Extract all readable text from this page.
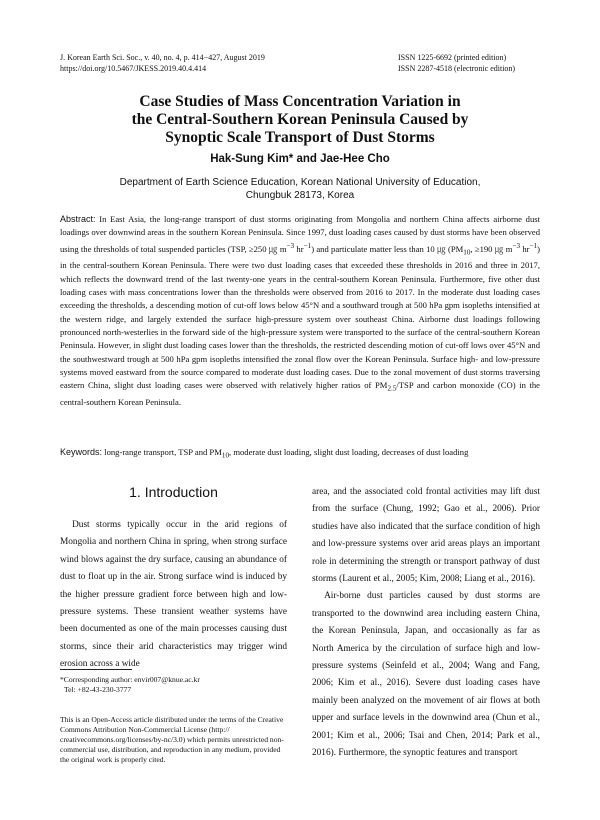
J. Korean Earth Sci. Soc., v. 40, no. 4, p. 414−427, August 2019
https://doi.org/10.5467/JKESS.2019.40.4.414
ISSN 1225-6692 (printed edition)
ISSN 2287-4518 (electronic edition)
Case Studies of Mass Concentration Variation in
the Central-Southern Korean Peninsula Caused by
Synoptic Scale Transport of Dust Storms
Hak-Sung Kim* and Jae-Hee Cho
Department of Earth Science Education, Korean National University of Education,
Chungbuk 28173, Korea
Abstract: In East Asia, the long-range transport of dust storms originating from Mongolia and northern China affects airborne dust loadings over downwind areas in the southern Korean Peninsula. Since 1997, dust loading cases caused by dust storms have been observed using the thresholds of total suspended particles (TSP, ≥250 ㎍ $m^{-3}$ $hr^{-1}$) and particulate matter less than 10 ㎍ ($PM_{10}$, ≥190 ㎍ $m^{-3}$ $hr^{-1}$) in the central-southern Korean Peninsula. There were two dust loading cases that exceeded these thresholds in 2016 and three in 2017, which reflects the downward trend of the last twenty-one years in the central-southern Korean Peninsula. Furthermore, five other dust loading cases with mass concentrations lower than the thresholds were observed from 2016 to 2017. In the moderate dust loading cases exceeding the thresholds, a descending motion of cut-off lows below 45°N and a southward trough at 500 hPa gpm isopleths intensified at the western ridge, and largely extended the surface high-pressure system over southeast China. Airborne dust loadings following pronounced north-westerlies in the forward side of the high-pressure system were transported to the surface of the central-southern Korean Peninsula. However, in slight dust loading cases lower than the thresholds, the restricted descending motion of cut-off lows over 45°N and the southwestward trough at 500 hPa gpm isopleths intensified the zonal flow over the Korean Peninsula. Surface high- and low-pressure systems moved eastward from the source compared to moderate dust loading cases. Due to the zonal movement of dust storms traversing eastern China, slight dust loading cases were observed with relatively higher ratios of $PM_{2.5}$/TSP and carbon monoxide (CO) in the central-southern Korean Peninsula.
Keywords: long-range transport, TSP and $PM_{10}$, moderate dust loading, slight dust loading, decreases of dust loading
1. Introduction

Dust storms typically occur in the arid regions of Mongolia and northern China in spring, when strong surface wind blows against the dry surface, causing an abundance of dust to float up in the air. Strong surface wind is induced by the higher pressure gradient force between high and low-pressure systems. These transient weather systems have been documented as one of the main processes causing dust storms, since their arid characteristics may trigger wind erosion across a wide

area, and the associated cold frontal activities may lift dust from the surface (Chung, 1992; Gao et al., 2006). Prior studies have also indicated that the surface condition of high and low-pressure systems over arid areas plays an important role in determining the strength or transport pathway of dust storms (Laurent et al., 2005; Kim, 2008; Liang et al., 2016).

Air-borne dust particles caused by dust storms are transported to the downwind area including eastern China, the Korean Peninsula, Japan, and occasionally as far as North America by the circulation of surface high and low-pressure systems (Seinfeld et al., 2004; Wang and Fang, 2006; Kim et al., 2016). Severe dust loading cases have mainly been analyzed on the movement of air flows at both upper and surface levels in the downwind area (Chun et al., 2001; Kim et al., 2006; Tsai and Chen, 2014; Park et al., 2016). Furthermore, the synoptic features and transport

*Corresponding author: envir007@knue.ac.kr
Tel: +82-43-230-3777
This is an Open-Access article distributed under the terms of the Creative Commons Attribution Non-Commercial License (http:// creativecommons.org/licenses/by-nc/3.0) which permits unrestricted non-commercial use, distribution, and reproduction in any medium, provided the original work is properly cited.
